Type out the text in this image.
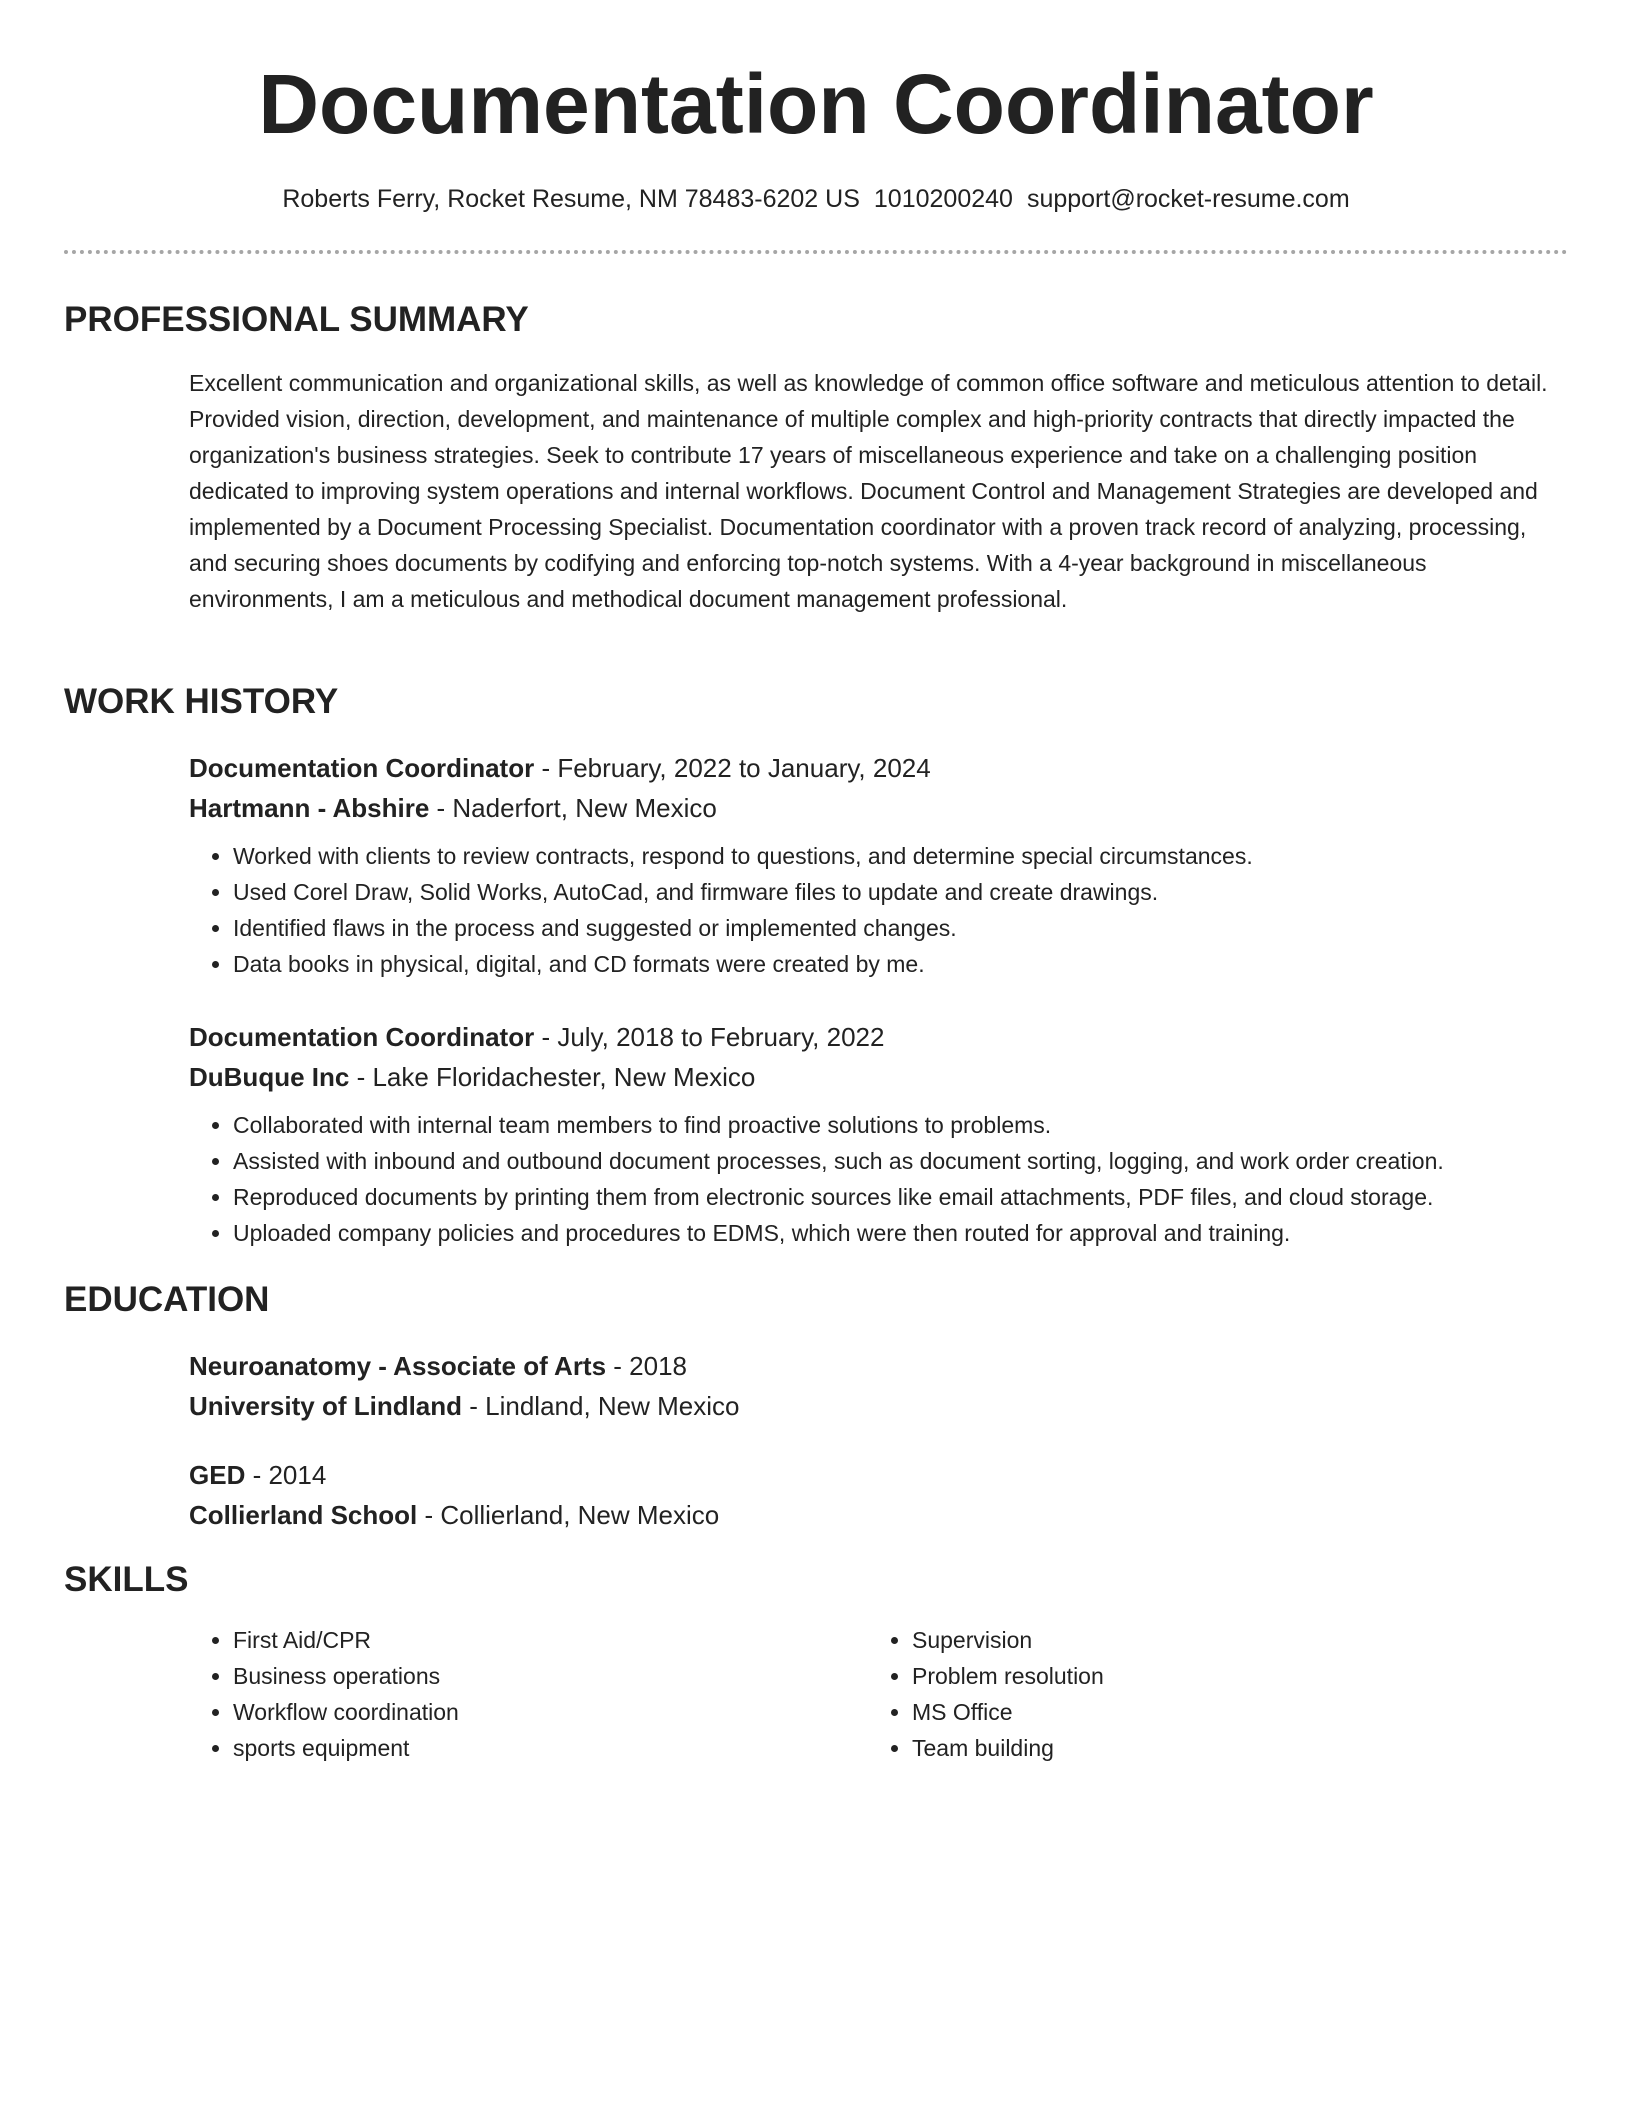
Documentation Coordinator
Roberts Ferry, Rocket Resume, NM 78483-6202 US 1010200240 support@rocket-resume.com
PROFESSIONAL SUMMARY

Excellent communication and organizational skills, as well as knowledge of common office software and meticulous attention to detail. Provided vision, direction, development, and maintenance of multiple complex and high-priority contracts that directly impacted the organization's business strategies. Seek to contribute 17 years of miscellaneous experience and take on a challenging position dedicated to improving system operations and internal workflows. Document Control and Management Strategies are developed and implemented by a Document Processing Specialist. Documentation coordinator with a proven track record of analyzing, processing, and securing shoes documents by codifying and enforcing top-notch systems. With a 4-year background in miscellaneous environments, I am a meticulous and methodical document management professional.

WORK HISTORY
Documentation Coordinator - February, 2022 to January, 2024
Hartmann - Abshire - Naderfort, New Mexico
• Worked with clients to review contracts, respond to questions, and determine special circumstances.
• Used Corel Draw, Solid Works, AutoCad, and firmware files to update and create drawings.
• Identified flaws in the process and suggested or implemented changes.
• Data books in physical, digital, and CD formats were created by me.
Documentation Coordinator - July, 2018 to February, 2022
DuBuque Inc - Lake Floridachester, New Mexico
• Collaborated with internal team members to find proactive solutions to problems.
• Assisted with inbound and outbound document processes, such as document sorting, logging, and work order creation.
• Reproduced documents by printing them from electronic sources like email attachments, PDF files, and cloud storage.
• Uploaded company policies and procedures to EDMS, which were then routed for approval and training.
EDUCATION
Neuroanatomy - Associate of Arts - 2018
University of Lindland - Lindland, New Mexico
GED - 2014
Collierland School - Collierland, New Mexico
SKILLS
• First Aid/CPR
• Business operations
• Workflow coordination
• sports equipment
• Supervision
• Problem resolution
• MS Office
• Team building
